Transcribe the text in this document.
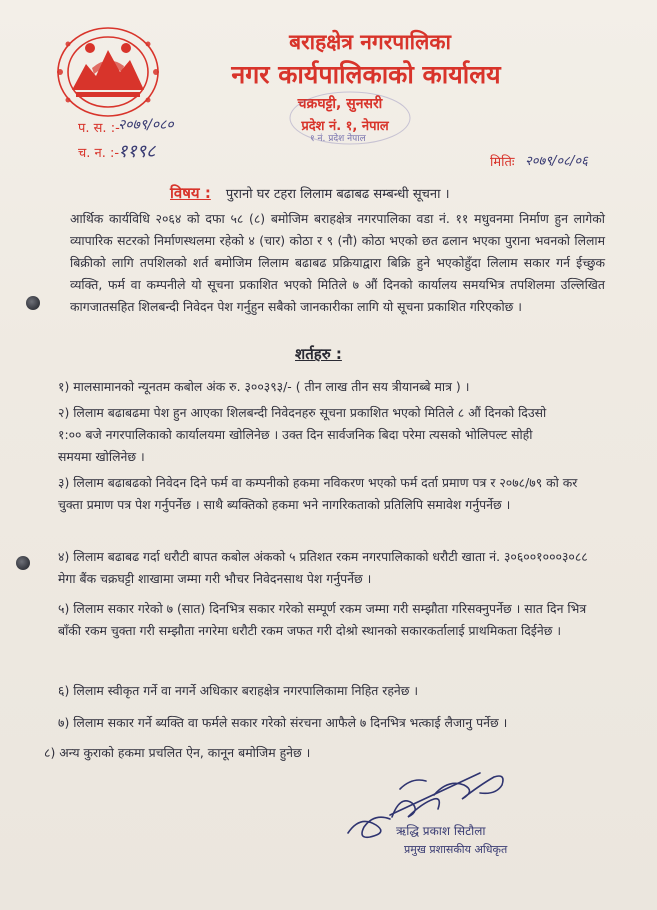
बराहक्षेत्र नगरपालिका
नगर कार्यपालिकाको कार्यालय
चक्रघट्टी, सुनसरी
प्रदेश नं. १, नेपाल
१ नं. प्रदेश नेपाल
प. स. :-
२०७९/०८०
च. न. :-
११९८
मितिः २०७९/०८/०६
विषय : पुरानो घर टहरा लिलाम बढाबढ सम्बन्धी सूचना ।
आर्थिक कार्यविधि २०६४ को दफा ५८ (८) बमोजिम बराहक्षेत्र नगरपालिका वडा नं. ११ मधुवनमा निर्माण हुन लागेको व्यापारिक सटरको निर्माणस्थलमा रहेको ४ (चार) कोठा र ९ (नौ) कोठा भएको छत ढलान भएका पुराना भवनको लिलाम बिक्रीको लागि तपशिलको शर्त बमोजिम लिलाम बढाबढ प्रक्रियाद्वारा बिक्रि हुने भएकोहुँदा लिलाम सकार गर्न ईच्छुक व्यक्ति, फर्म वा कम्पनीले यो सूचना प्रकाशित भएको मितिले ७ औं दिनको कार्यालय समयभित्र तपशिलमा उल्लिखित कागजातसहित शिलबन्दी निवेदन पेश गर्नुहुन सबैको जानकारीका लागि यो सूचना प्रकाशित गरिएकोछ ।
शर्तहरु :
१) मालसामानको न्यूनतम कबोल अंक रु. ३००३९३/- ( तीन लाख तीन सय त्रीयानब्बे मात्र ) ।
२) लिलाम बढाबढमा पेश हुन आएका शिलबन्दी निवेदनहरु सूचना प्रकाशित भएको मितिले ८ औं दिनको दिउसो १:०० बजे नगरपालिकाको कार्यालयमा खोलिनेछ । उक्त दिन सार्वजनिक बिदा परेमा त्यसको भोलिपल्ट सोही समयमा खोलिनेछ ।
३) लिलाम बढाबढको निवेदन दिने फर्म वा कम्पनीको हकमा नविकरण भएको फर्म दर्ता प्रमाण पत्र र २०७८/७९ को कर चुक्ता प्रमाण पत्र पेश गर्नुपर्नेछ । साथै ब्यक्तिको हकमा भने नागरिकताको प्रतिलिपि समावेश गर्नुपर्नेछ ।
४) लिलाम बढाबढ गर्दा धरौटी बापत कबोल अंकको ५ प्रतिशत रकम नगरपालिकाको धरौटी खाता नं. ३०६००१०००३०८८ मेगा बैंक चक्रघट्टी शाखामा जम्मा गरी भौचर निवेदनसाथ पेश गर्नुपर्नेछ ।
५) लिलाम सकार गरेको ७ (सात) दिनभित्र सकार गरेको सम्पूर्ण रकम जम्मा गरी सम्झौता गरिसक्नुपर्नेछ । सात दिन भित्र बाँकी रकम चुक्ता गरी सम्झौता नगरेमा धरौटी रकम जफत गरी दोश्रो स्थानको सकारकर्तालाई प्राथमिकता दिईनेछ ।
६) लिलाम स्वीकृत गर्ने वा नगर्ने अधिकार बराहक्षेत्र नगरपालिकामा निहित रहनेछ ।
७) लिलाम सकार गर्ने ब्यक्ति वा फर्मले सकार गरेको संरचना आफैले ७ दिनभित्र भत्काई लैजानु पर्नेछ ।
८) अन्य कुराको हकमा प्रचलित ऐन, कानून बमोजिम हुनेछ ।
ऋद्धि प्रकाश सिटौला
प्रमुख प्रशासकीय अधिकृत
